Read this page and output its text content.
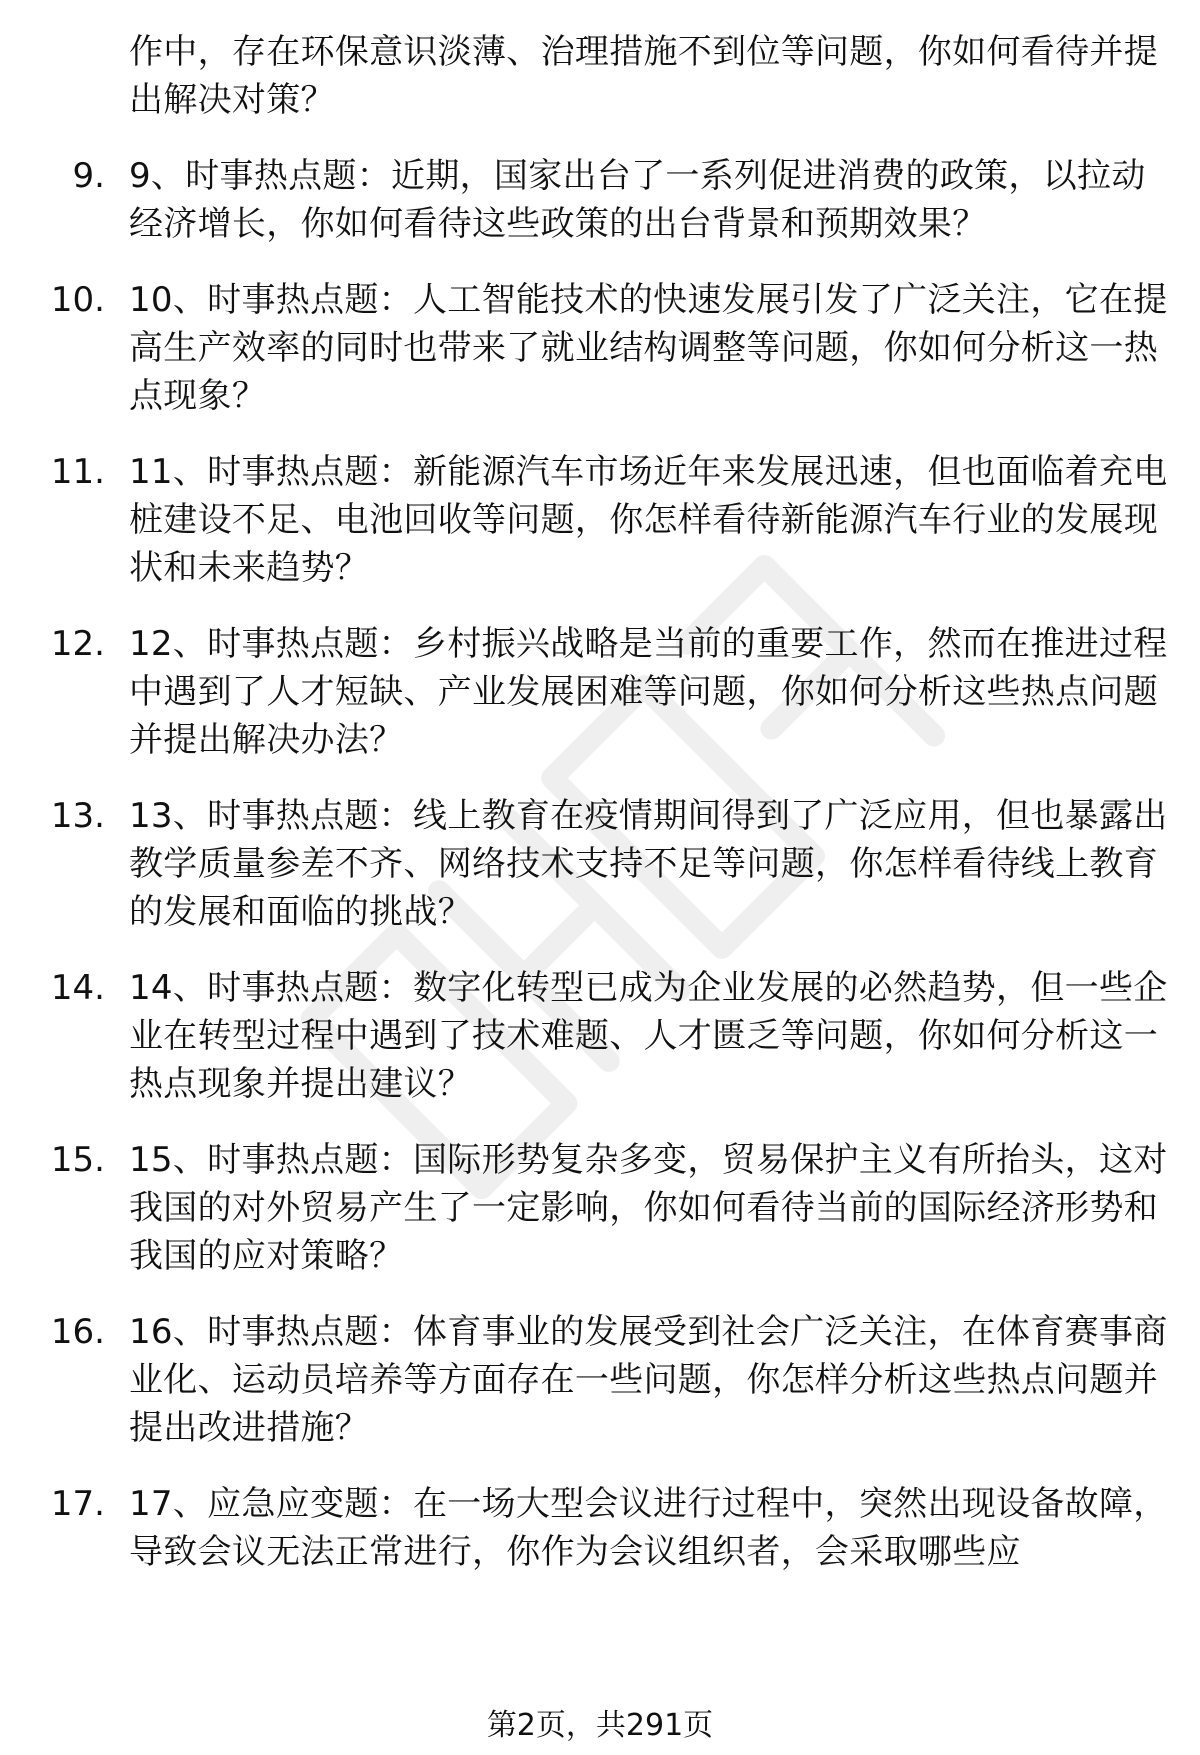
作中，存在环保意识淡薄、治理措施不到位等问题，你如何看待并提出解决对策？
9. 9、时事热点题：近期，国家出台了一系列促进消费的政策，以拉动经济增长，你如何看待这些政策的出台背景和预期效果？
10. 10、时事热点题：人工智能技术的快速发展引发了广泛关注，它在提高生产效率的同时也带来了就业结构调整等问题，你如何分析这一热点现象？
11. 11、时事热点题：新能源汽车市场近年来发展迅速，但也面临着充电桩建设不足、电池回收等问题，你怎样看待新能源汽车行业的发展现状和未来趋势？
12. 12、时事热点题：乡村振兴战略是当前的重要工作，然而在推进过程中遇到了人才短缺、产业发展困难等问题，你如何分析这些热点问题并提出解决办法？
13. 13、时事热点题：线上教育在疫情期间得到了广泛应用，但也暴露出教学质量参差不齐、网络技术支持不足等问题，你怎样看待线上教育的发展和面临的挑战？
14. 14、时事热点题：数字化转型已成为企业发展的必然趋势，但一些企业在转型过程中遇到了技术难题、人才匮乏等问题，你如何分析这一热点现象并提出建议？
15. 15、时事热点题：国际形势复杂多变，贸易保护主义有所抬头，这对我国的对外贸易产生了一定影响，你如何看待当前的国际经济形势和我国的应对策略？
16. 16、时事热点题：体育事业的发展受到社会广泛关注，在体育赛事商业化、运动员培养等方面存在一些问题，你怎样分析这些热点问题并提出改进措施？
17. 17、应急应变题：在一场大型会议进行过程中，突然出现设备故障，导致会议无法正常进行，你作为会议组织者，会采取哪些应
第2页，共291页
